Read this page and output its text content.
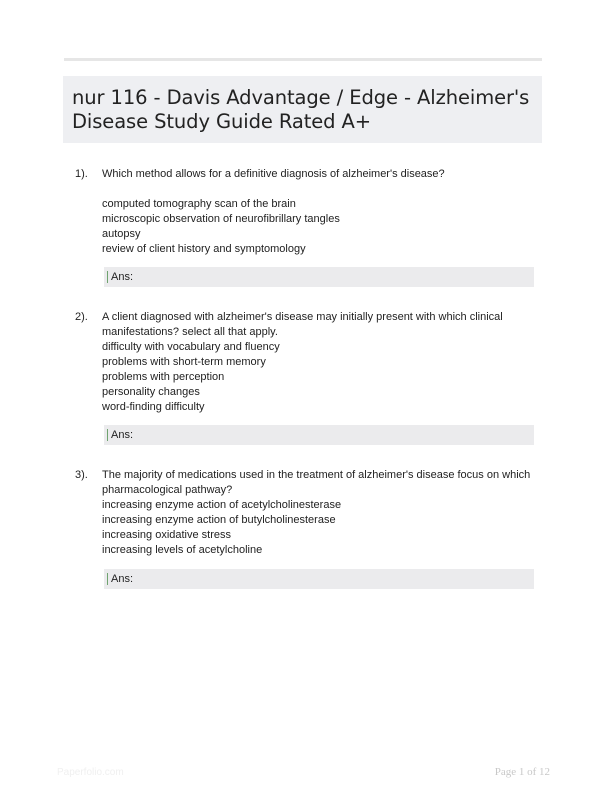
nur 116 - Davis Advantage / Edge - Alzheimer's Disease Study Guide Rated A+
1). Which method allows for a definitive diagnosis of alzheimer's disease?

computed tomography scan of the brain
microscopic observation of neurofibrillary tangles
autopsy
review of client history and symptomology
Ans:
2). A client diagnosed with alzheimer's disease may initially present with which clinical manifestations? select all that apply.

difficulty with vocabulary and fluency
problems with short-term memory
problems with perception
personality changes
word-finding difficulty
Ans:
3). The majority of medications used in the treatment of alzheimer's disease focus on which pharmacological pathway?

increasing enzyme action of acetylcholinesterase
increasing enzyme action of butylcholinesterase
increasing oxidative stress
increasing levels of acetylcholine
Ans:
Paperfolio.com	Page 1 of 12
